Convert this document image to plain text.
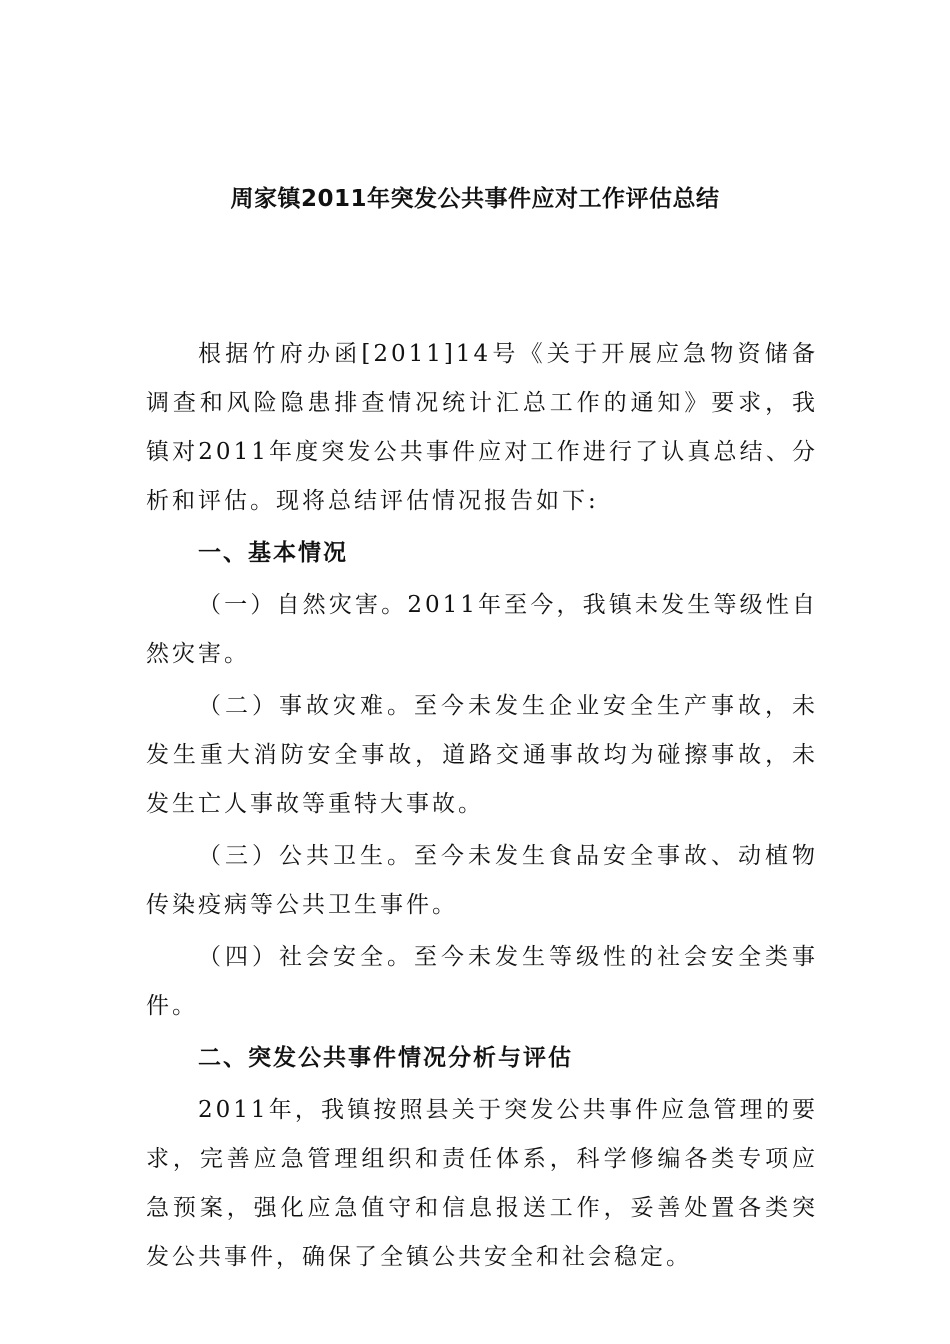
周家镇2011年突发公共事件应对工作评估总结

根据竹府办函[2011]14号《关于开展应急物资储备调查和风险隐患排查情况统计汇总工作的通知》要求，我镇对2011年度突发公共事件应对工作进行了认真总结、分析和评估。现将总结评估情况报告如下:

一、基本情况

（一）自然灾害。2011年至今，我镇未发生等级性自然灾害。

（二）事故灾难。至今未发生企业安全生产事故，未发生重大消防安全事故，道路交通事故均为碰擦事故，未发生亡人事故等重特大事故。

（三）公共卫生。至今未发生食品安全事故、动植物传染疫病等公共卫生事件。

（四）社会安全。至今未发生等级性的社会安全类事件。

二、突发公共事件情况分析与评估

2011年，我镇按照县关于突发公共事件应急管理的要求，完善应急管理组织和责任体系，科学修编各类专项应急预案，强化应急值守和信息报送工作，妥善处置各类突发公共事件，确保了全镇公共安全和社会稳定。
